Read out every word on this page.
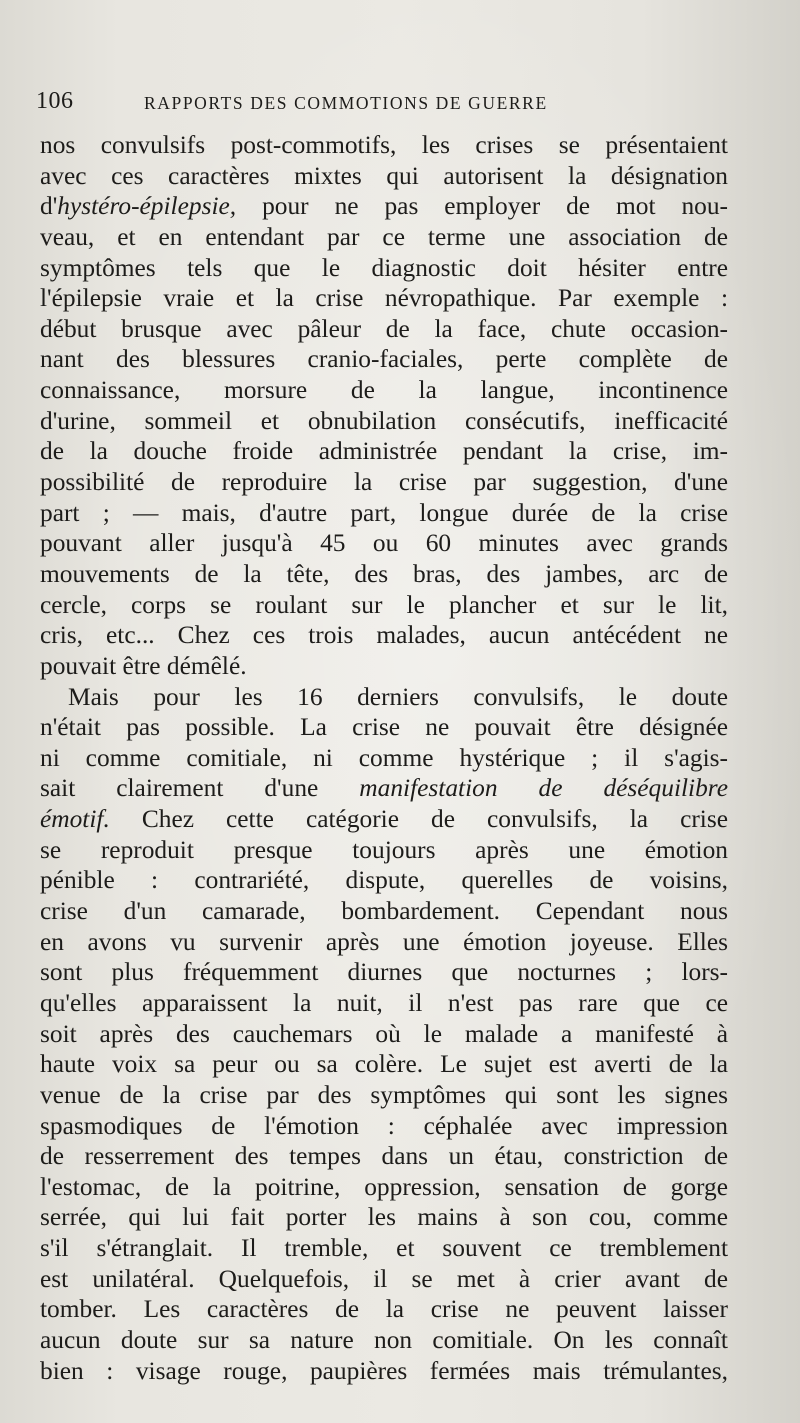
106	RAPPORTS DES COMMOTIONS DE GUERRE
nos convulsifs post-commotifs, les crises se présentaient
avec ces caractères mixtes qui autorisent la désignation
d'hystéro-épilepsie, pour ne pas employer de mot nou-
veau, et en entendant par ce terme une association de
symptômes tels que le diagnostic doit hésiter entre
l'épilepsie vraie et la crise névropathique. Par exemple :
début brusque avec pâleur de la face, chute occasion-
nant des blessures cranio-faciales, perte complète de
connaissance, morsure de la langue, incontinence
d'urine, sommeil et obnubilation consécutifs, inefficacité
de la douche froide administrée pendant la crise, im-
possibilité de reproduire la crise par suggestion, d'une
part ; — mais, d'autre part, longue durée de la crise
pouvant aller jusqu'à 45 ou 60 minutes avec grands
mouvements de la tête, des bras, des jambes, arc de
cercle, corps se roulant sur le plancher et sur le lit,
cris, etc... Chez ces trois malades, aucun antécédent ne
pouvait être démêlé.
Mais pour les 16 derniers convulsifs, le doute
n'était pas possible. La crise ne pouvait être désignée
ni comme comitiale, ni comme hystérique ; il s'agis-
sait clairement d'une manifestation de déséquilibre
émotif. Chez cette catégorie de convulsifs, la crise
se reproduit presque toujours après une émotion
pénible : contrariété, dispute, querelles de voisins,
crise d'un camarade, bombardement. Cependant nous
en avons vu survenir après une émotion joyeuse. Elles
sont plus fréquemment diurnes que nocturnes ; lors-
qu'elles apparaissent la nuit, il n'est pas rare que ce
soit après des cauchemars où le malade a manifesté à
haute voix sa peur ou sa colère. Le sujet est averti de la
venue de la crise par des symptômes qui sont les signes
spasmodiques de l'émotion : céphalée avec impression
de resserrement des tempes dans un étau, constriction de
l'estomac, de la poitrine, oppression, sensation de gorge
serrée, qui lui fait porter les mains à son cou, comme
s'il s'étranglait. Il tremble, et souvent ce tremblement
est unilatéral. Quelquefois, il se met à crier avant de
tomber. Les caractères de la crise ne peuvent laisser
aucun doute sur sa nature non comitiale. On les connaît
bien : visage rouge, paupières fermées mais trémulantes,
